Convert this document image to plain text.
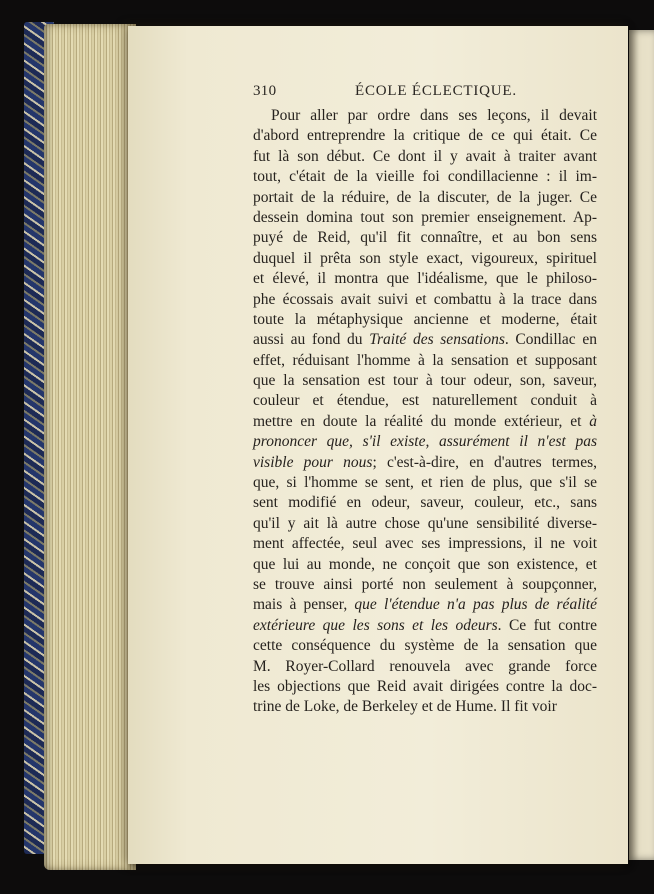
310	ÉCOLE ÉCLECTIQUE.
Pour aller par ordre dans ses leçons, il devait
d'abord entreprendre la critique de ce qui était. Ce
fut là son début. Ce dont il y avait à traiter avant
tout, c'était de la vieille foi condillacienne : il im-
portait de la réduire, de la discuter, de la juger. Ce
dessein domina tout son premier enseignement. Ap-
puyé de Reid, qu'il fit connaître, et au bon sens
duquel il prêta son style exact, vigoureux, spirituel
et élevé, il montra que l'idéalisme, que le philoso-
phe écossais avait suivi et combattu à la trace dans
toute la métaphysique ancienne et moderne, était
aussi au fond du Traité des sensations. Condillac en
effet, réduisant l'homme à la sensation et supposant
que la sensation est tour à tour odeur, son, saveur,
couleur et étendue, est naturellement conduit à
mettre en doute la réalité du monde extérieur, et à
prononcer que, s'il existe, assurément il n'est pas
visible pour nous; c'est-à-dire, en d'autres termes,
que, si l'homme se sent, et rien de plus, que s'il se
sent modifié en odeur, saveur, couleur, etc., sans
qu'il y ait là autre chose qu'une sensibilité diverse-
ment affectée, seul avec ses impressions, il ne voit
que lui au monde, ne conçoit que son existence, et
se trouve ainsi porté non seulement à soupçonner,
mais à penser, que l'étendue n'a pas plus de réalité
extérieure que les sons et les odeurs. Ce fut contre
cette conséquence du système de la sensation que
M. Royer-Collard renouvela avec grande force
les objections que Reid avait dirigées contre la doc-
trine de Loke, de Berkeley et de Hume. Il fit voir
